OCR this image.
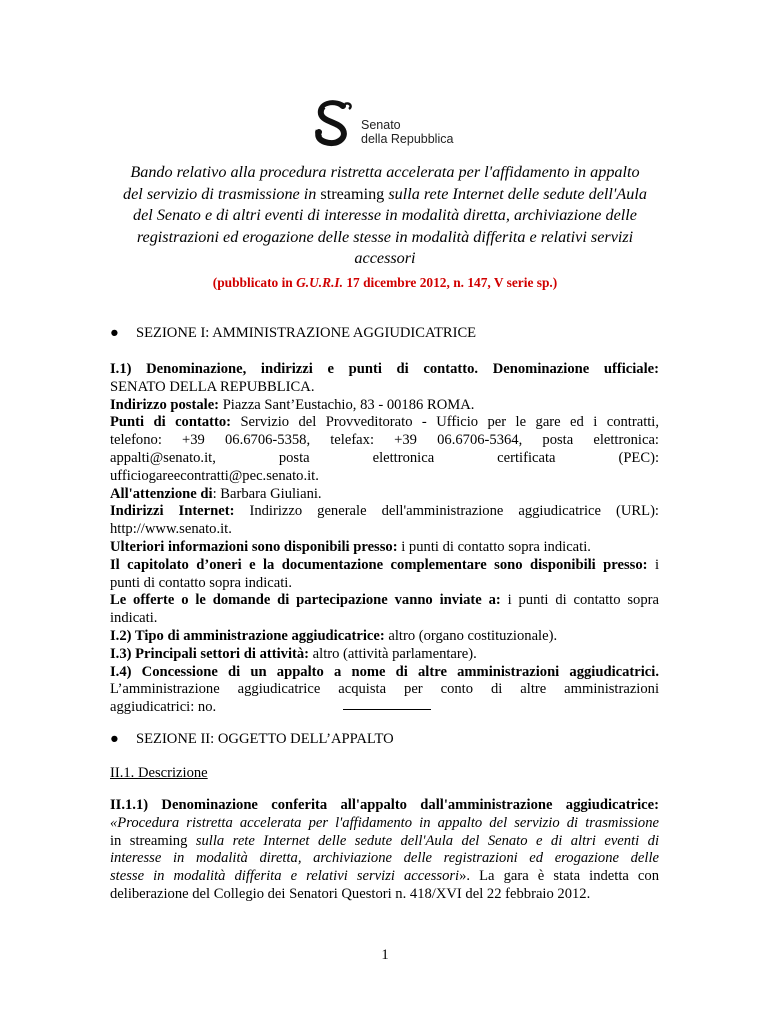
Senato
della Repubblica
Bando relativo alla procedura ristretta accelerata per l'affidamento in appalto
del servizio di trasmissione in streaming sulla rete Internet delle sedute dell'Aula
del Senato e di altri eventi di interesse in modalità diretta, archiviazione delle
registrazioni ed erogazione delle stesse in modalità differita e relativi servizi
accessori
(pubblicato in G.U.R.I. 17 dicembre 2012, n. 147, V serie sp.)
● SEZIONE I: AMMINISTRAZIONE AGGIUDICATRICE
I.1) Denominazione, indirizzi e punti di contatto. Denominazione ufficiale:
SENATO DELLA REPUBBLICA.
Indirizzo postale: Piazza Sant’Eustachio, 83 - 00186 ROMA.
Punti di contatto: Servizio del Provveditorato - Ufficio per le gare ed i contratti,
telefono: +39 06.6706-5358, telefax: +39 06.6706-5364, posta elettronica:
appalti@senato.it, posta elettronica certificata (PEC):
ufficiogareecontratti@pec.senato.it.
All'attenzione di: Barbara Giuliani.
Indirizzi Internet: Indirizzo generale dell'amministrazione aggiudicatrice (URL):
http://www.senato.it.
Ulteriori informazioni sono disponibili presso: i punti di contatto sopra indicati.
Il capitolato d’oneri e la documentazione complementare sono disponibili presso: i
punti di contatto sopra indicati.
Le offerte o le domande di partecipazione vanno inviate a: i punti di contatto sopra
indicati.
I.2) Tipo di amministrazione aggiudicatrice: altro (organo costituzionale).
I.3) Principali settori di attività: altro (attività parlamentare).
I.4) Concessione di un appalto a nome di altre amministrazioni aggiudicatrici.
L’amministrazione aggiudicatrice acquista per conto di altre amministrazioni
aggiudicatrici: no.
● SEZIONE II: OGGETTO DELL’APPALTO
II.1. Descrizione
II.1.1) Denominazione conferita all'appalto dall'amministrazione aggiudicatrice:
«Procedura ristretta accelerata per l'affidamento in appalto del servizio di trasmissione
in streaming sulla rete Internet delle sedute dell'Aula del Senato e di altri eventi di
interesse in modalità diretta, archiviazione delle registrazioni ed erogazione delle
stesse in modalità differita e relativi servizi accessori». La gara è stata indetta con
deliberazione del Collegio dei Senatori Questori n. 418/XVI del 22 febbraio 2012.
1
